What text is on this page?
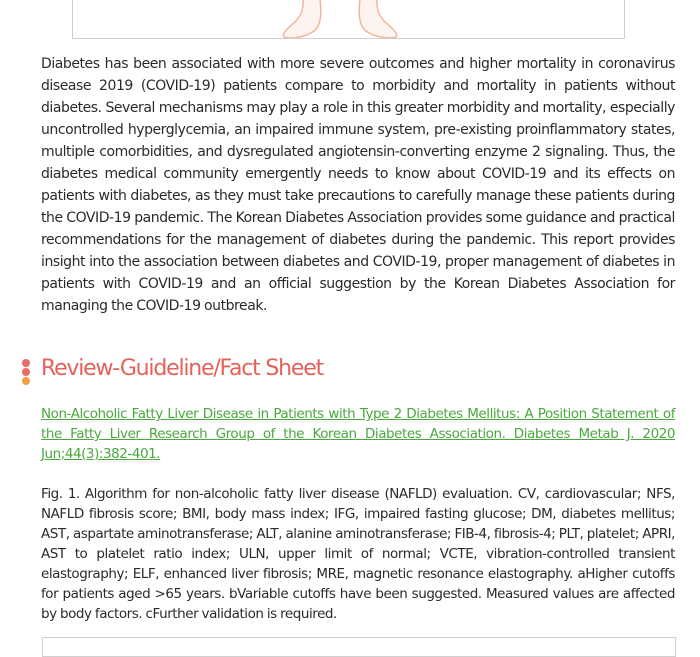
Diabetes has been associated with more severe outcomes and higher mortality in coronavirus disease 2019 (COVID-19) patients compare to morbidity and mortality in patients without diabetes. Several mechanisms may play a role in this greater morbidity and mortality, especially uncontrolled hyperglycemia, an impaired immune system, pre-existing proinflammatory states, multiple comorbidities, and dysregulated angiotensin-converting enzyme 2 signaling. Thus, the diabetes medical community emergently needs to know about COVID-19 and its effects on patients with diabetes, as they must take precautions to carefully manage these patients during the COVID-19 pandemic. The Korean Diabetes Association provides some guidance and practical recommendations for the management of diabetes during the pandemic. This report provides insight into the association between diabetes and COVID-19, proper management of diabetes in patients with COVID-19 and an official suggestion by the Korean Diabetes Association for managing the COVID-19 outbreak.

Review-Guideline/Fact Sheet
Non-Alcoholic Fatty Liver Disease in Patients with Type 2 Diabetes Mellitus: A Position Statement of the Fatty Liver Research Group of the Korean Diabetes Association. Diabetes Metab J. 2020 Jun;44(3):382-401.

Fig. 1. Algorithm for non-alcoholic fatty liver disease (NAFLD) evaluation. CV, cardiovascular; NFS, NAFLD fibrosis score; BMI, body mass index; IFG, impaired fasting glucose; DM, diabetes mellitus; AST, aspartate aminotransferase; ALT, alanine aminotransferase; FIB-4, fibrosis-4; PLT, platelet; APRI, AST to platelet ratio index; ULN, upper limit of normal; VCTE, vibration-controlled transient elastography; ELF, enhanced liver fibrosis; MRE, magnetic resonance elastography. aHigher cutoffs for patients aged >65 years. bVariable cutoffs have been suggested. Measured values are affected by body factors. cFurther validation is required.
